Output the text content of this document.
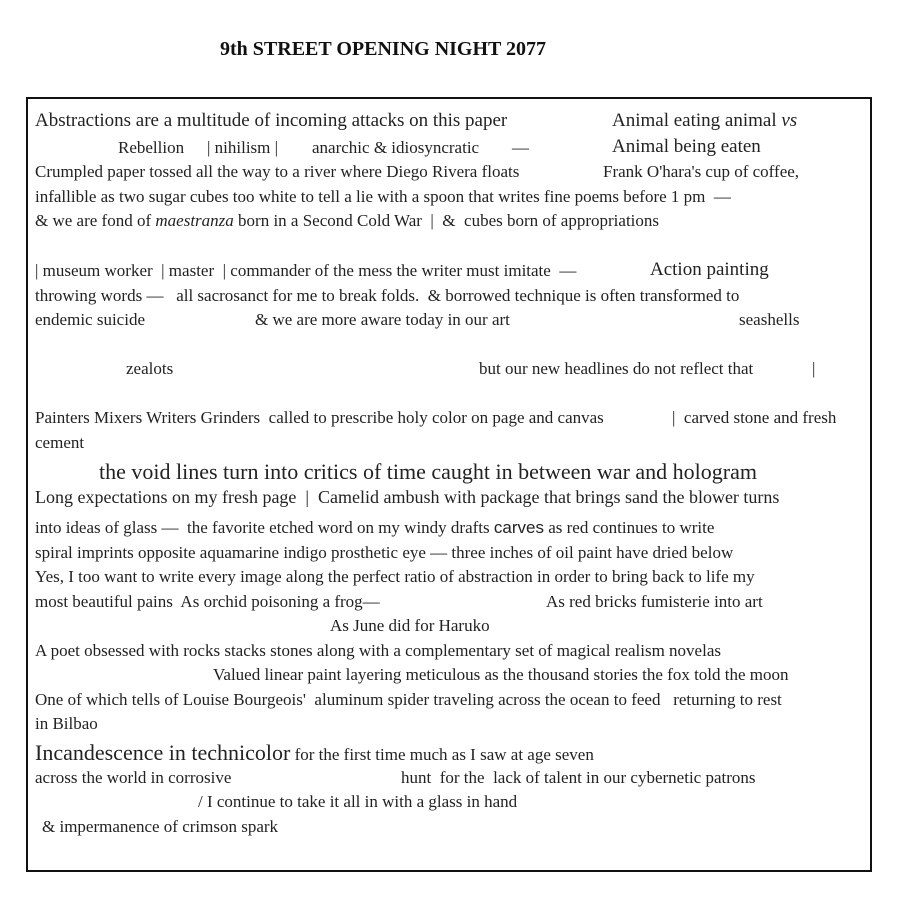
9th STREET OPENING NIGHT 2077
Abstractions are a multitude of incoming attacks on this paper	Animal eating animal vs
Rebellion | nihilism | anarchic & idiosyncratic —	Animal being eaten
Crumpled paper tossed all the way to a river where Diego Rivera floats	Frank O'hara's cup of coffee,
infallible as two sugar cubes too white to tell a lie with a spoon that writes fine poems before 1 pm  —
& we are fond of maestranza born in a Second Cold War  |  &  cubes born of appropriations
| museum worker  | master  | commander of the mess the writer must imitate  —	Action painting
throwing words —   all sacrosanct for me to break folds.  & borrowed technique is often transformed to
endemic suicide	& we are more aware today in our art	seashells
zealots	but our new headlines do not reflect that	|
Painters Mixers Writers Grinders  called to prescribe holy color on page and canvas	|  carved stone and fresh
cement
the void lines turn into critics of time caught in between war and hologram
Long expectations on my fresh page  |  Camelid ambush with package that brings sand the blower turns
into ideas of glass —  the favorite etched word on my windy drafts carves as red continues to write
spiral imprints opposite aquamarine indigo prosthetic eye — three inches of oil paint have dried below
Yes, I too want to write every image along the perfect ratio of abstraction in order to bring back to life my
most beautiful pains  As orchid poisoning a frog—	As red bricks fumisterie into art
As June did for Haruko
A poet obsessed with rocks stacks stones along with a complementary set of magical realism novelas
Valued linear paint layering meticulous as the thousand stories the fox told the moon
One of which tells of Louise Bourgeois'  aluminum spider traveling across the ocean to feed   returning to rest
in Bilbao
Incandescence in technicolor for the first time much as I saw at age seven
across the world in corrosive	hunt  for the  lack of talent in our cybernetic patrons
/ I continue to take it all in with a glass in hand
& impermanence of crimson spark
